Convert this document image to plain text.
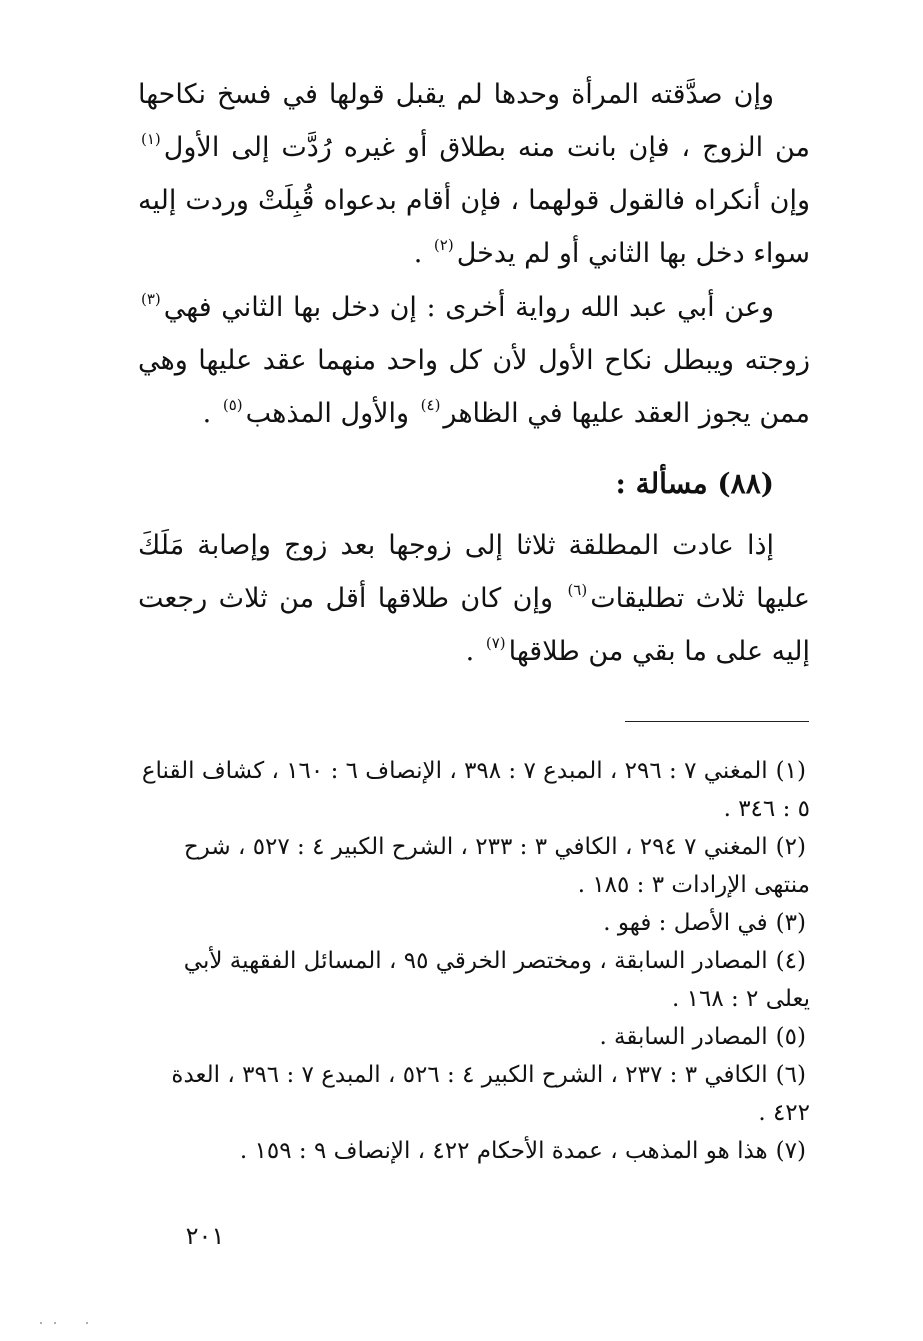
وإن صدَّقته المرأة وحدها لم يقبل قولها في فسخ نكاحها من الزوج ، فإن بانت منه بطلاق أو غيره رُدَّت إلى الأول$^{(١)}$ وإن أنكراه فالقول قولهما ، فإن أقام بدعواه قُبِلَتْ وردت إليه سواء دخل بها الثاني أو لم يدخل$^{(٢)}$ .
وعن أبي عبد الله رواية أخرى : إن دخل بها الثاني فهي$^{(٣)}$ زوجته ويبطل نكاح الأول لأن كل واحد منهما عقد عليها وهي ممن يجوز العقد عليها في الظاهر$^{(٤)}$ والأول المذهب$^{(٥)}$ .
(٨٨) مسألة :
إذا عادت المطلقة ثلاثا إلى زوجها بعد زوج وإصابة مَلَكَ عليها ثلاث تطليقات$^{(٦)}$ وإن كان طلاقها أقل من ثلاث رجعت إليه على ما بقي من طلاقها$^{(٧)}$ .

(١)المغني ٧ : ٢٩٦ ، المبدع ٧ : ٣٩٨ ، الإنصاف ٦ : ١٦٠ ، كشاف القناع ٥ : ٣٤٦ .

(٢)المغني ٧ ٢٩٤ ، الكافي ٣ : ٢٣٣ ، الشرح الكبير ٤ : ٥٢٧ ، شرح منتهى الإرادات ٣ : ١٨٥ .

(٣)في الأصل : فهو .

(٤)المصادر السابقة ، ومختصر الخرقي ٩٥ ، المسائل الفقهية لأبي يعلى ٢ : ١٦٨ .

(٥)المصادر السابقة .

(٦)الكافي ٣ : ٢٣٧ ، الشرح الكبير ٤ : ٥٢٦ ، المبدع ٧ : ٣٩٦ ، العدة ٤٢٢ .

(٧)هذا هو المذهب ، عمدة الأحكام ٤٢٢ ، الإنصاف ٩ : ١٥٩ .

٢٠١
